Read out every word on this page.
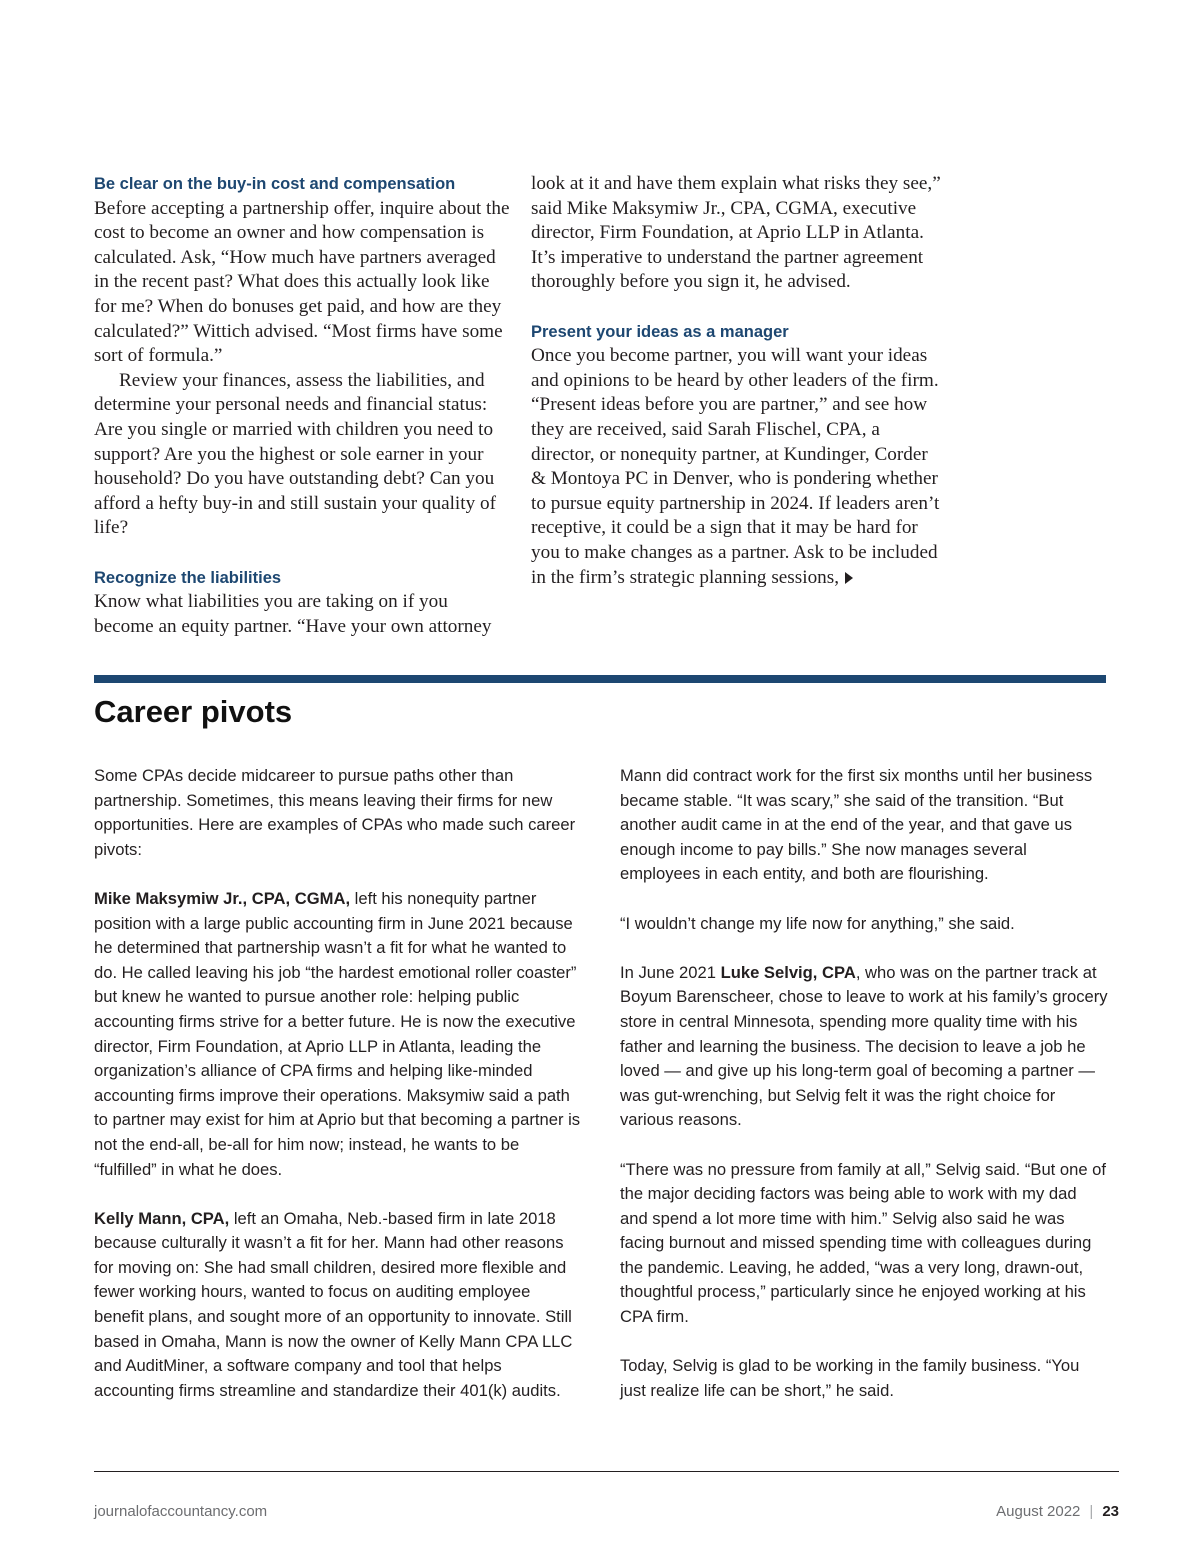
Be clear on the buy-in cost and compensation

Before accepting a partnership offer, inquire about the cost to become an owner and how compensation is calculated. Ask, “How much have partners averaged in the recent past? What does this actually look like for me? When do bonuses get paid, and how are they calculated?” Wittich advised. “Most firms have some sort of formula.”

Review your finances, assess the liabilities, and determine your personal needs and financial status: Are you single or married with children you need to support? Are you the highest or sole earner in your household? Do you have outstanding debt? Can you afford a hefty buy-in and still sustain your quality of life?

Recognize the liabilities

Know what liabilities you are taking on if you become an equity partner. “Have your own attorney

look at it and have them explain what risks they see,” said Mike Maksymiw Jr., CPA, CGMA, executive director, Firm Foundation, at Aprio LLP in Atlanta. It’s imperative to understand the partner agreement thoroughly before you sign it, he advised.

Present your ideas as a manager

Once you become partner, you will want your ideas and opinions to be heard by other leaders of the firm. “Present ideas before you are partner,” and see how they are received, said Sarah Flischel, CPA, a director, or nonequity partner, at Kundinger, Corder & Montoya PC in Denver, who is pondering whether to pursue equity partnership in 2024. If leaders aren’t receptive, it could be a sign that it may be hard for you to make changes as a partner. Ask to be included in the firm’s strategic planning sessions,

Career pivots

Some CPAs decide midcareer to pursue paths other than partnership. Sometimes, this means leaving their firms for new opportunities. Here are examples of CPAs who made such career pivots:

Mike Maksymiw Jr., CPA, CGMA, left his nonequity partner position with a large public accounting firm in June 2021 because he determined that partnership wasn’t a fit for what he wanted to do. He called leaving his job “the hardest emotional roller coaster” but knew he wanted to pursue another role: helping public accounting firms strive for a better future. He is now the executive director, Firm Foundation, at Aprio LLP in Atlanta, leading the organization’s alliance of CPA firms and helping like-minded accounting firms improve their operations. Maksymiw said a path to partner may exist for him at Aprio but that becoming a partner is not the end-all, be-all for him now; instead, he wants to be “fulfilled” in what he does.

Kelly Mann, CPA, left an Omaha, Neb.-based firm in late 2018 because culturally it wasn’t a fit for her. Mann had other reasons for moving on: She had small children, desired more flexible and fewer working hours, wanted to focus on auditing employee benefit plans, and sought more of an opportunity to innovate. Still based in Omaha, Mann is now the owner of Kelly Mann CPA LLC and AuditMiner, a software company and tool that helps accounting firms streamline and standardize their 401(k) audits.

Mann did contract work for the first six months until her business became stable. “It was scary,” she said of the transition. “But another audit came in at the end of the year, and that gave us enough income to pay bills.” She now manages several employees in each entity, and both are flourishing.

“I wouldn’t change my life now for anything,” she said.

In June 2021 Luke Selvig, CPA, who was on the partner track at Boyum Barenscheer, chose to leave to work at his family’s grocery store in central Minnesota, spending more quality time with his father and learning the business. The decision to leave a job he loved — and give up his long-term goal of becoming a partner — was gut-wrenching, but Selvig felt it was the right choice for various reasons.

“There was no pressure from family at all,” Selvig said. “But one of the major deciding factors was being able to work with my dad and spend a lot more time with him.” Selvig also said he was facing burnout and missed spending time with colleagues during the pandemic. Leaving, he added, “was a very long, drawn-out, thoughtful process,” particularly since he enjoyed working at his CPA firm.

Today, Selvig is glad to be working in the family business. “You just realize life can be short,” he said.

journalofaccountancy.com	August 2022 | 23
